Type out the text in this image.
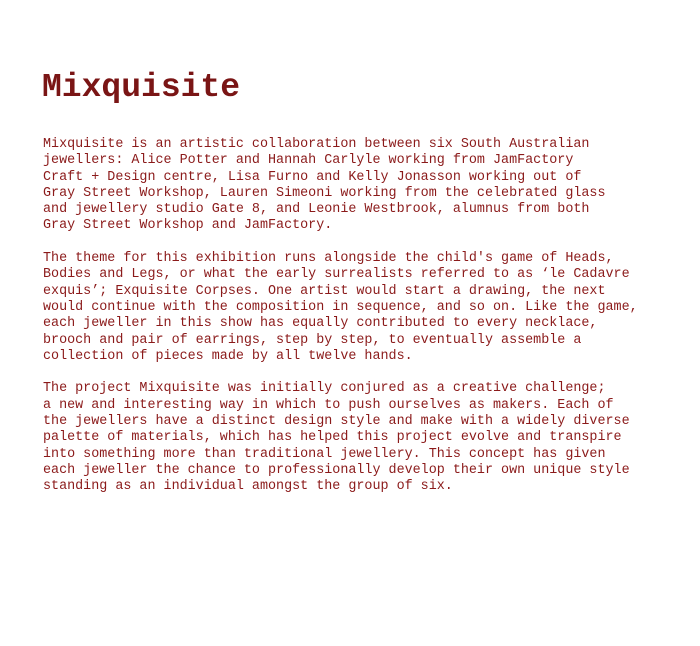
Mixquisite

Mixquisite is an artistic collaboration between six South Australian
jewellers: Alice Potter and Hannah Carlyle working from JamFactory
Craft + Design centre, Lisa Furno and Kelly Jonasson working out of
Gray Street Workshop, Lauren Simeoni working from the celebrated glass
and jewellery studio Gate 8, and Leonie Westbrook, alumnus from both
Gray Street Workshop and JamFactory.

The theme for this exhibition runs alongside the child's game of Heads,
Bodies and Legs, or what the early surrealists referred to as ‘le Cadavre
exquis’; Exquisite Corpses. One artist would start a drawing, the next
would continue with the composition in sequence, and so on. Like the game,
each jeweller in this show has equally contributed to every necklace,
brooch and pair of earrings, step by step, to eventually assemble a
collection of pieces made by all twelve hands.

The project Mixquisite was initially conjured as a creative challenge;
a new and interesting way in which to push ourselves as makers. Each of
the jewellers have a distinct design style and make with a widely diverse
palette of materials, which has helped this project evolve and transpire
into something more than traditional jewellery. This concept has given
each jeweller the chance to professionally develop their own unique style
standing as an individual amongst the group of six.
